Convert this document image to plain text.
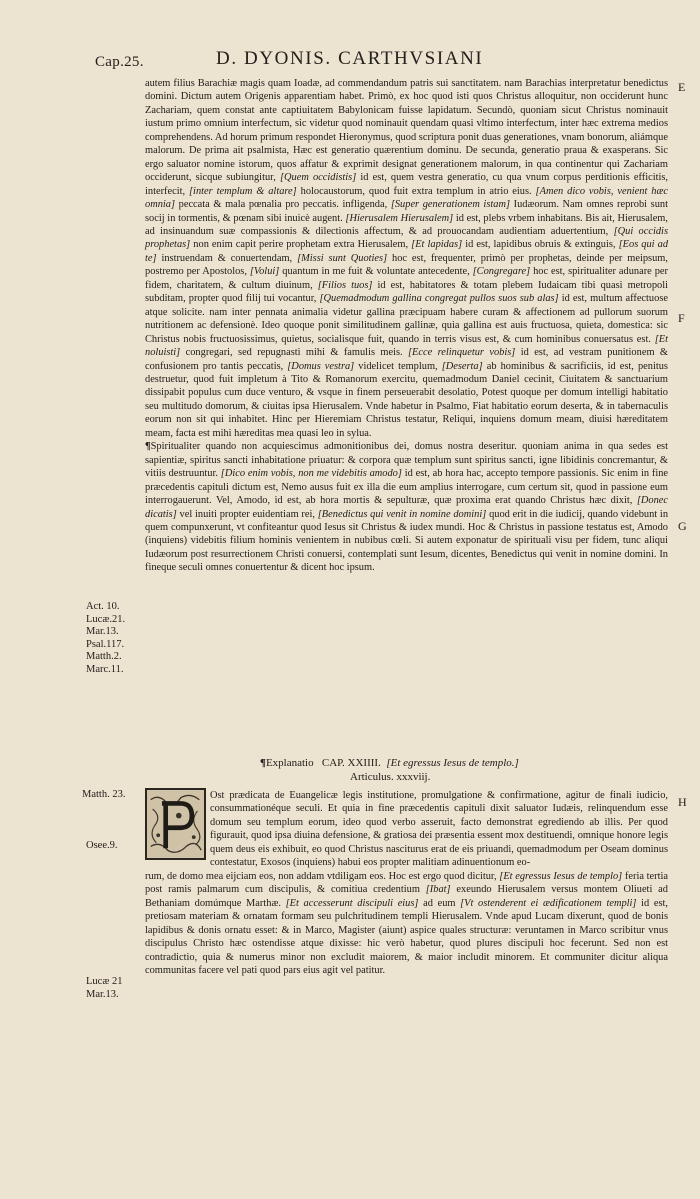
Cap.25.	D. DYONIS. CARTHVSIANI
E
F
G
H
Act. 10.
Lucæ.21.
Mar.13.
Psal.117.
Matth.2.
Marc.11.
Matth. 23.
Osee.9.
Lucæ 21
Mar.13.

autem filius Barachiæ magis quam Ioadæ, ad commendandum patris sui sanctitatem. nam Barachias interpretatur benedictus domini. Dictum autem Origenis apparentiam habet. Primò, ex hoc quod isti quos Christus alloquitur, non occiderunt hunc Zachariam, quem constat ante captiuitatem Babylonicam fuisse lapidatum. Secundò, quoniam sicut Christus nominauit iustum primo omnium interfectum, sic videtur quod nominauit quendam quasi vltimo interfectum, inter hæc extrema medios comprehendens. Ad horum primum respondet Hieronymus, quod scriptura ponit duas generationes, vnam bonorum, aliámque malorum. De prima ait psalmista, Hæc est generatio quærentium dominu. De secunda, generatio praua & exasperans. Sic ergo saluator nomine istorum, quos affatur & exprimit designat generationem malorum, in qua continentur qui Zachariam occiderunt, sicque subiungitur, [Quem occidistis] id est, quem vestra generatio, cu qua vnum corpus perditionis efficitis, interfecit, [inter templum & altare] holocaustorum, quod fuit extra templum in atrio eius. [Amen dico vobis, venient hæc omnia] peccata & mala pœnalia pro peccatis. infligenda, [Super generationem istam] Iudæorum. Nam omnes reprobi sunt socij in tormentis, & pœnam sibi inuicè augent. [Hierusalem Hierusalem] id est, plebs vrbem inhabitans. Bis ait, Hierusalem, ad insinuandum suæ compassionis & dilectionis affectum, & ad prouocandam audientiam aduertentium, [Qui occidis prophetas] non enim capit perire prophetam extra Hierusalem, [Et lapidas] id est, lapidibus obruis & extinguis, [Eos qui ad te] instruendam & conuertendam, [Missi sunt Quoties] hoc est, frequenter, primò per prophetas, deinde per meipsum, postremo per Apostolos, [Volui] quantum in me fuit & voluntate antecedente, [Congregare] hoc est, spiritualiter adunare per fidem, charitatem, & cultum diuinum, [Filios tuos] id est, habitatores & totam plebem Iudaicam tibi quasi metropoli subditam, propter quod filij tui vocantur, [Quemadmodum gallina congregat pullos suos sub alas] id est, multum affectuose atque solicite. nam inter pennata animalia videtur gallina præcipuam habere curam & affectionem ad pullorum suorum nutritionem ac defensionè. Ideo quoque ponit similitudinem gallinæ, quia gallina est auis fructuosa, quieta, domestica: sic Christus nobis fructuosissimus, quietus, socialisque fuit, quando in terris visus est, & cum hominibus conuersatus est. [Et noluisti] congregari, sed repugnasti mihi & famulis meis. [Ecce relinquetur vobis] id est, ad vestram punitionem & confusionem pro tantis peccatis, [Domus vestra] videlicet templum, [Deserta] ab hominibus & sacrificiis, id est, penitus destruetur, quod fuit impletum à Tito & Romanorum exercitu, quemadmodum Daniel cecinit, Ciuitatem & sanctuarium dissipabit populus cum duce venturo, & vsque in finem perseuerabit desolatio, Potest quoque per domum intelligi habitatio seu multitudo domorum, & ciuitas ipsa Hierusalem. Vnde habetur in Psalmo, Fiat habitatio eorum deserta, & in tabernaculis eorum non sit qui inhabitet. Hinc per Hieremiam Christus testatur, Reliqui, inquiens domum meam, diuisi hæreditatem meam, facta est mihi hæreditas mea quasi leo in sylua.

¶Spiritualiter quando non acquiescimus admonitionibus dei, domus nostra deseritur. quoniam anima in qua sedes est sapientiæ, spiritus sancti inhabitatione priuatur: & corpora quæ templum sunt spiritus sancti, igne libidinis concremantur, & vitiis destruuntur. [Dico enim vobis, non me videbitis amodo] id est, ab hora hac, accepto tempore passionis. Sic enim in fine præcedentis capituli dictum est, Nemo ausus fuit ex illa die eum amplius interrogare, cum certum sit, quod in passione eum interrogauerunt. Vel, Amodo, id est, ab hora mortis & sepulturæ, quæ proxima erat quando Christus hæc dixit, [Donec dicatis] vel inuiti propter euidentiam rei, [Benedictus qui venit in nomine domini] quod erit in die iudicij, quando videbunt in quem compunxerunt, vt confiteantur quod Iesus sit Christus & iudex mundi. Hoc & Christus in passione testatus est, Amodo (inquiens) videbitis filium hominis venientem in nubibus cœli. Si autem exponatur de spirituali visu per fidem, tunc aliqui Iudæorum post resurrectionem Christi conuersi, contemplati sunt Iesum, dicentes, Benedictus qui venit in nomine domini. In fineque seculi omnes conuertentur & dicent hoc ipsum.

¶Explanatio CAP. XXIIII. [Et egressus Iesus de templo.]
Articulus. xxxviij.
Ost prædicata de Euangelicæ legis institutione, promulgatione & confirmatione, agitur de finali iudicio, consummationéque seculi. Et quia in fine præcedentis capituli dixit saluator Iudæis, relinquendum esse domum seu templum eorum, ideo quod verbo asseruit, facto demonstrat egrediendo ab illis. Per quod figurauit, quod ipsa diuina defensione, & gratiosa dei præsentia essent mox destituendi, omnique honore legis quem deus eis exhibuit, eo quod Christus nasciturus erat de eis priuandi, quemadmodum per Oseam dominus contestatur, Exosos (inquiens) habui eos propter malitiam adinuentionum eo-
rum, de domo mea eijciam eos, non addam vtdiligam eos. Hoc est ergo quod dicitur, [Et egressus Iesus de templo] feria tertia post ramis palmarum cum discipulis, & comitiua credentium [Ibat] exeundo Hierusalem versus montem Oliueti ad Bethaniam domúmque Marthæ. [Et accesserunt discipuli eius] ad eum [Vt ostenderent ei ædificationem templi] id est, pretiosam materiam & ornatam formam seu pulchritudinem templi Hierusalem. Vnde apud Lucam dixerunt, quod de bonis lapidibus & donis ornatu esset: & in Marco, Magister (aiunt) aspice quales structuræ: veruntamen in Marco scribitur vnus discipulus Christo hæc ostendisse atque dixisse: hic verò habetur, quod plures discipuli hoc fecerunt. Sed non est contradictio, quia & numerus minor non excludit maiorem, & maior includit minorem. Et communiter dicitur aliqua communitas facere vel pati quod pars eius agit vel patitur.
